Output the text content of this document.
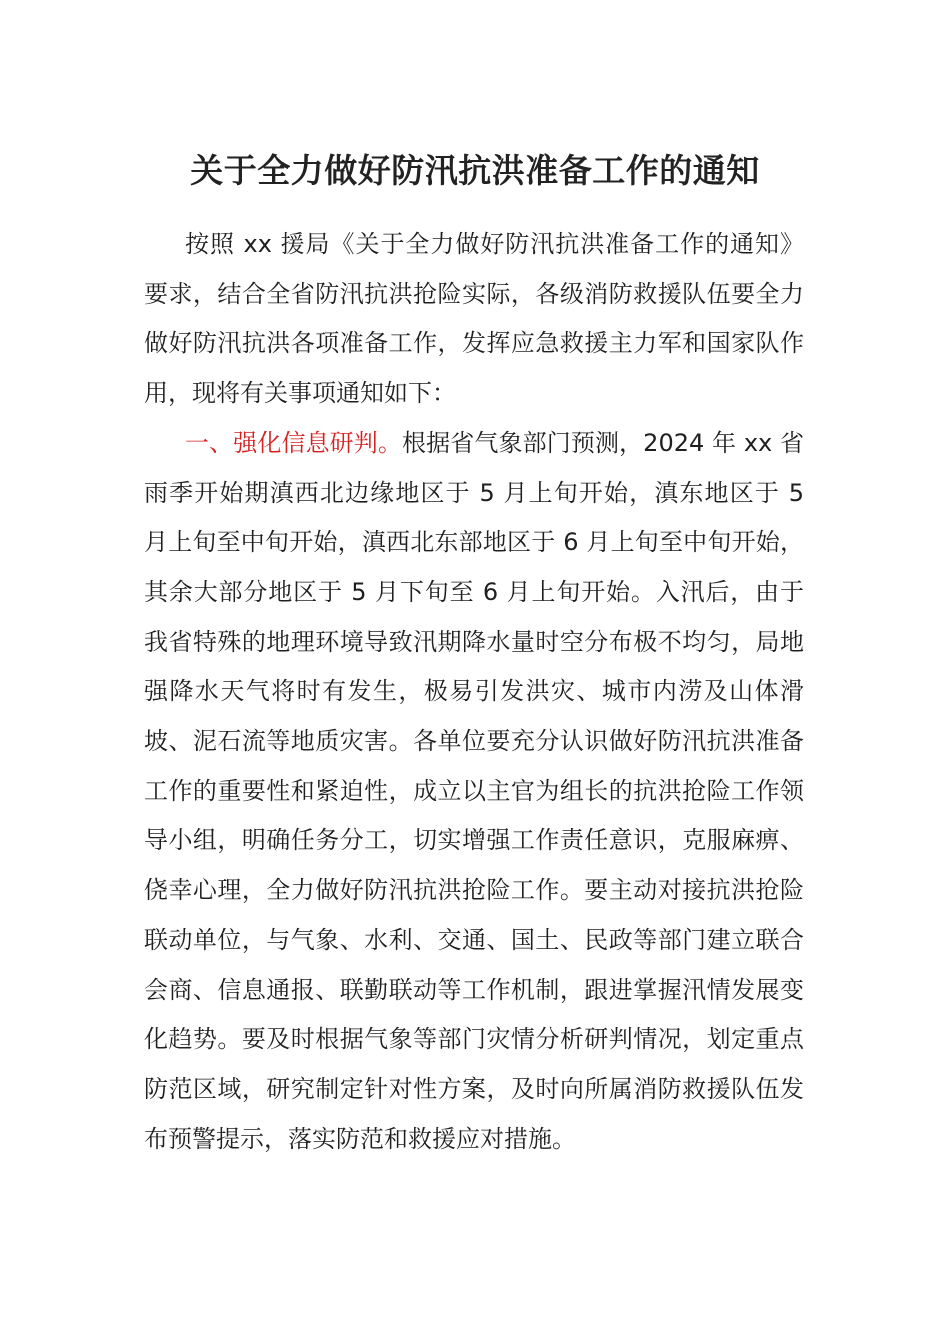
关于全力做好防汛抗洪准备工作的通知

按照 xx 援局《关于全力做好防汛抗洪准备工作的通知》要求，结合全省防汛抗洪抢险实际，各级消防救援队伍要全力做好防汛抗洪各项准备工作，发挥应急救援主力军和国家队作用，现将有关事项通知如下：

一、强化信息研判。根据省气象部门预测，2024 年 xx 省雨季开始期滇西北边缘地区于 5 月上旬开始，滇东地区于 5 月上旬至中旬开始，滇西北东部地区于 6 月上旬至中旬开始，其余大部分地区于 5 月下旬至 6 月上旬开始。入汛后，由于我省特殊的地理环境导致汛期降水量时空分布极不均匀，局地强降水天气将时有发生，极易引发洪灾、城市内涝及山体滑坡、泥石流等地质灾害。各单位要充分认识做好防汛抗洪准备工作的重要性和紧迫性，成立以主官为组长的抗洪抢险工作领导小组，明确任务分工，切实增强工作责任意识，克服麻痹、侥幸心理，全力做好防汛抗洪抢险工作。要主动对接抗洪抢险联动单位，与气象、水利、交通、国土、民政等部门建立联合会商、信息通报、联勤联动等工作机制，跟进掌握汛情发展变化趋势。要及时根据气象等部门灾情分析研判情况，划定重点防范区域，研究制定针对性方案，及时向所属消防救援队伍发布预警提示，落实防范和救援应对措施。
